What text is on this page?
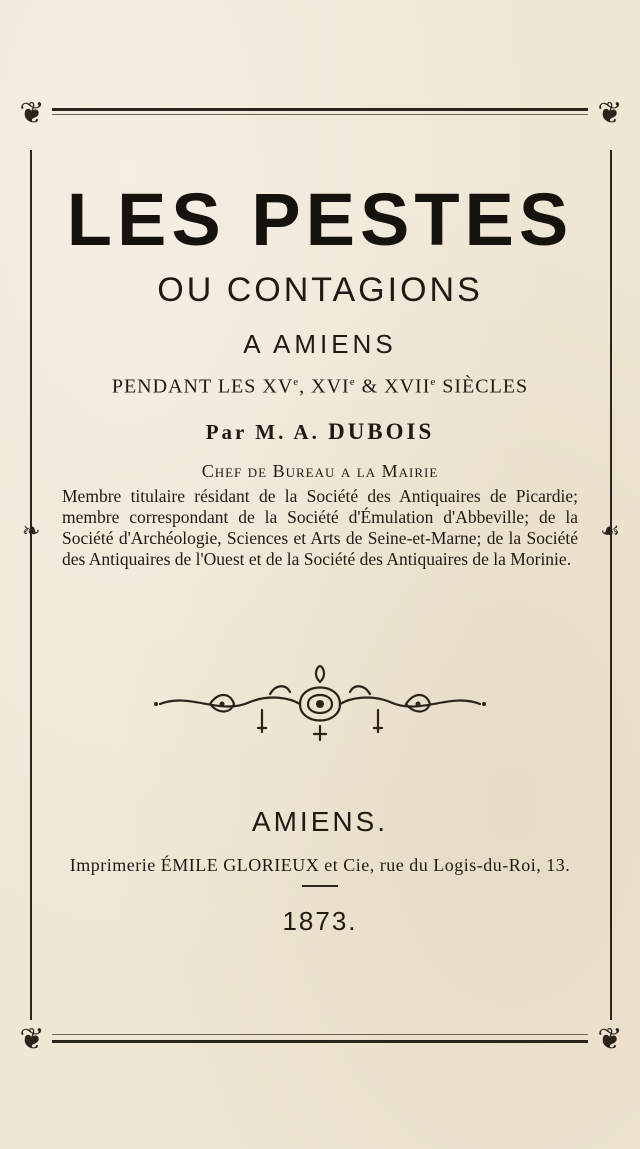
❦	❦
❦	❦
❧	☙
LES PESTES
OU CONTAGIONS
A AMIENS
PENDANT LES XVe, XVIe & XVIIe SIÈCLES
Par M. A. DUBOIS
Chef de Bureau a la Mairie
Membre titulaire résidant de la Société des Antiquaires de Picardie; membre correspondant de la Société d'Émulation d'Abbeville; de la Société d'Archéologie, Sciences et Arts de Seine-et-Marne; de la Société des Antiquaires de l'Ouest et de la Société des Antiquaires de la Morinie.
AMIENS.
Imprimerie ÉMILE GLORIEUX et Cie, rue du Logis-du-Roi, 13.
1873.
